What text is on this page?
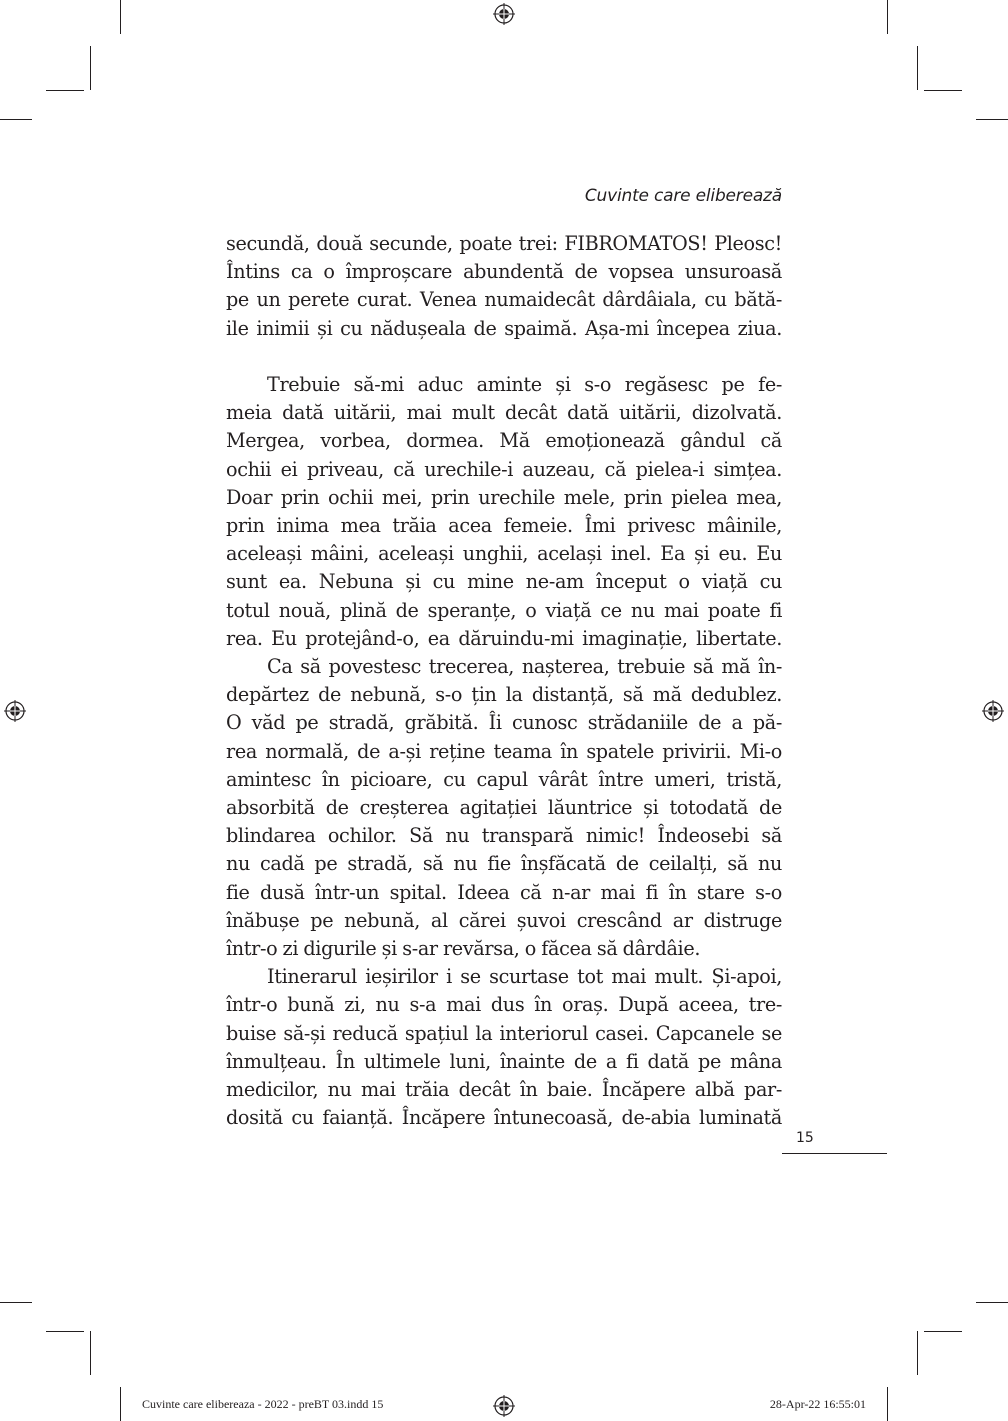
Cuvinte care eliberează

secundă, două secunde, poate trei: FIBROMATOS! Pleosc!
Întins ca o împroșcare abundentă de vopsea unsuroasă
pe un perete curat. Venea numaidecât dârdâiala, cu bătă-
ile inimii și cu nădușeala de spaimă. Așa-mi începea ziua.

Trebuie să-mi aduc aminte și s-o regăsesc pe fe-
meia dată uitării, mai mult decât dată uitării, dizolvată.
Mergea, vorbea, dormea. Mă emoționează gândul că
ochii ei priveau, că urechile-i auzeau, că pielea-i simțea.
Doar prin ochii mei, prin urechile mele, prin pielea mea,
prin inima mea trăia acea femeie. Îmi privesc mâinile,
aceleași mâini, aceleași unghii, același inel. Ea și eu. Eu
sunt ea. Nebuna și cu mine ne-am început o viață cu
totul nouă, plină de speranțe, o viață ce nu mai poate fi
rea. Eu protejând-o, ea dăruindu-mi imaginație, libertate.

Ca să povestesc trecerea, nașterea, trebuie să mă în-
depărtez de nebună, s-o țin la distanță, să mă dedublez.
O văd pe stradă, grăbită. Îi cunosc strădaniile de a pă-
rea normală, de a-și reține teama în spatele privirii. Mi-o
amintesc în picioare, cu capul vârât între umeri, tristă,
absorbită de creșterea agitației lăuntrice și totodată de
blindarea ochilor. Să nu transpară nimic! Îndeosebi să
nu cadă pe stradă, să nu fie înșfăcată de ceilalți, să nu
fie dusă într-un spital. Ideea că n-ar mai fi în stare s-o
înăbușe pe nebună, al cărei șuvoi crescând ar distruge
într-o zi digurile și s-ar revărsa, o făcea să dârdâie.

Itinerarul ieșirilor i se scurtase tot mai mult. Și-apoi,
într-o bună zi, nu s-a mai dus în oraș. După aceea, tre-
buise să-și reducă spațiul la interiorul casei. Capcanele se
înmulțeau. În ultimele luni, înainte de a fi dată pe mâna
medicilor, nu mai trăia decât în baie. Încăpere albă par-
dosită cu faianță. Încăpere întunecoasă, de-abia luminată

15
Cuvinte care elibereaza - 2022 - preBT 03.indd 15	28-Apr-22 16:55:01
